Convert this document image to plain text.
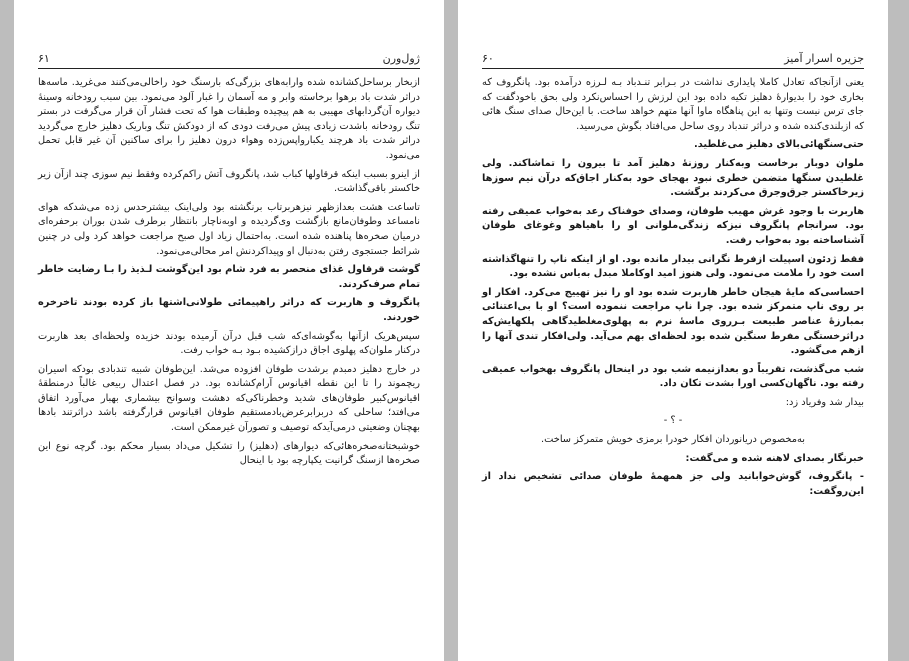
۶۱	ژول‌ورن

ازبخار برساحل‌کشانده شده وارابه‌های بزرگی‌که بارسنگ خود راخالی‌می‌کنند می‌غرید. ماسه‌ها دراثر شدت باد برهوا برخاسته وابر و مه آسمان را غبار آلود می‌نمود. بین سبب رودخانه وسینهٔ دیواره آن‌گردابهای مهیبی به هم پیچیده وطبقات هوا که تحت فشار آن قرار می‌گرفت در بستر تنگ رودخانه باشدت زیادی پیش می‌رفت دودی که از دودکش تنگ وباریک دهلیز خارج می‌گردید دراثر شدت باد هرچند یکبارواپس‌زده وهواء درون دهلیز را برای ساکنین آن غیر قابل تحمل می‌نمود.

از اینرو بسبب اینکه قرقاولها کباب شد، پانگروف آتش راکم‌کرده وفقط نیم سوزی چند ازآن زیر خاکستر باقی‌گذاشت.

تاساعت هشت بعدازظهر نیزهربرتاب برنگشته بود ولی‌اینک بیشترحدس زده می‌شدکه هوای نامساعد وطوفان‌مانع بازگشت وی‌گردیده و اوبه‌ناچار بانتظار برطرف شدن بوران برحفره‌ای درمیان صخره‌ها پناهنده شده است. به‌احتمال زیاد اول صبح مراجعت خواهد کرد ولی در چنین شرائط جستجوی رفتن به‌دنبال او وپیداکردنش امر محالی‌می‌نمود.

گوشت قرقاول غذای منحصر به فرد شام بود این‌گوشت لـذیذ را بـا رضایت خاطر تمام صرف‌کردند.

پانگروف و هاربرت که دراثر راهپیمائی طولانی‌اشتها باز کرده بودند تا‌خرخره خوردند.

سپس‌هریک ازآنها به‌گوشه‌ای‌که شب قبل درآن آرمیده بودند خزیده ولحظه‌ای بعد هاربرت درکنار ملوان‌که پهلوی اجاق درازکشیده بـود بـه خواب رفت.

در خارج دهلیز دمبدم برشدت طوفان افزوده می‌شد. این‌طوفان شبیه تندبادی بودکه اسیران ریچموند را تا این نقطه اقیانوس آرام‌کشانده بود. در فصل اعتدال ربیعی غالباً درمنطقهٔ اقیانوس‌کبیر طوفان‌های شدید وخطرناکی‌که دهشت وسوانح بیشماری بهبار می‌آورد اتفاق می‌افتد؛ ساحلی که دربرابرعرض‌بادمستقیم طوفان اقیانوس قرارگرفته باشد دراثرتند بادها بهچنان وضعیتی درمی‌آیدکه توصیف و تصورآن غیرممکن است.

خوشبختانه‌صخره‌هائی‌که دیوارهای (دهلیز) را تشکیل می‌داد بسیار محکم بود. گرچه نوع این صخره‌ها ازسنگ گرانیت یکپارچه بود با اینحال

۶۰	جزیره اسرار آمیز

یعنی ازآنجاکه تعادل کاملا پایداری نداشت در بـرابر تنـدباد بـه لـرزه درآمده بود. پانگروف که بخاری خود را بدیوارهٔ دهلیز تکیه داده بود این لرزش را احساس‌نکرد ولی بحق باخودگفت که جای ترس نیست وتنها به این پناهگاه ماوا آنها متهم خواهد ساخت. با این‌حال صدای سنگ هائی که ازبلندی‌کنده شده و دراثر تندباد روی ساحل می‌افتاد بگوش می‌رسید.

حتی‌سنگهائی‌بالای دهلیز می‌غلطید.

ملوان دوبار برخاست وبه‌کنار روزنهٔ دهلیز آمد تا بیرون را تماشاکند. ولی غلطیدن سنگها متضمن خطری نبود بهجای خود به‌کنار اجاق‌که درآن نیم سوزها زیرخاکستر جرق‌وجرق می‌کردند برگشت.

هاربرت با وجود غرش مهیب طوفان، وصدای خوفناک رعد به‌خواب عمیقی رفته بود. سرانجام پانگروف نیزکه زندگی‌ملوانی او را باهیاهو وغوغای طوفان آشناساخته بود به‌خواب رفت.

فقط ژدئون اسپیلت ازفرط نگرانی بیدار مانده بود. او از اینکه ناپ را تنهاگذاشته است خود را ملامت می‌نمود. ولی هنوز امید اوکاملا مبدل به‌یاس نشده بود.

احساسی‌که مایهٔ هیجان خاطر هاربرت شده بود او را نیز تهییج می‌کرد. افکار او بر روی ناپ متمرکز شده بود. چرا ناپ مراجعت ننموده است؟ او با بی‌اعتنائی بمبارزهٔ عناصر طبیعت بـرروی ماسهٔ نرم به پهلوی‌مغلطیدگاهی پلکهایش‌که دراثرخستگی مفرط سنگین شده بود لحظه‌ای بهم می‌آید. ولی‌افکار تندی آنها را ازهم می‌گشود.

شب می‌گذشت، تقریباً دو بعدازنیمه شب بود در اینحال پانگروف بهخواب عمیقی رفته بود. ناگهان‌کسی اورا بشدت تکان داد.

بیدار شد وفریاد زد:

- ؟ -

به‌مخصوص دریانوردان افکار خودرا برمزی خویش متمرکز ساخت.

خبرنگار بصدای لاهنه شده و می‌گفت:

- پانگروف، گوش‌خوابانید ولی جز همهمهٔ طوفان صدائی تشخیص نداد از این‌روگفت:
